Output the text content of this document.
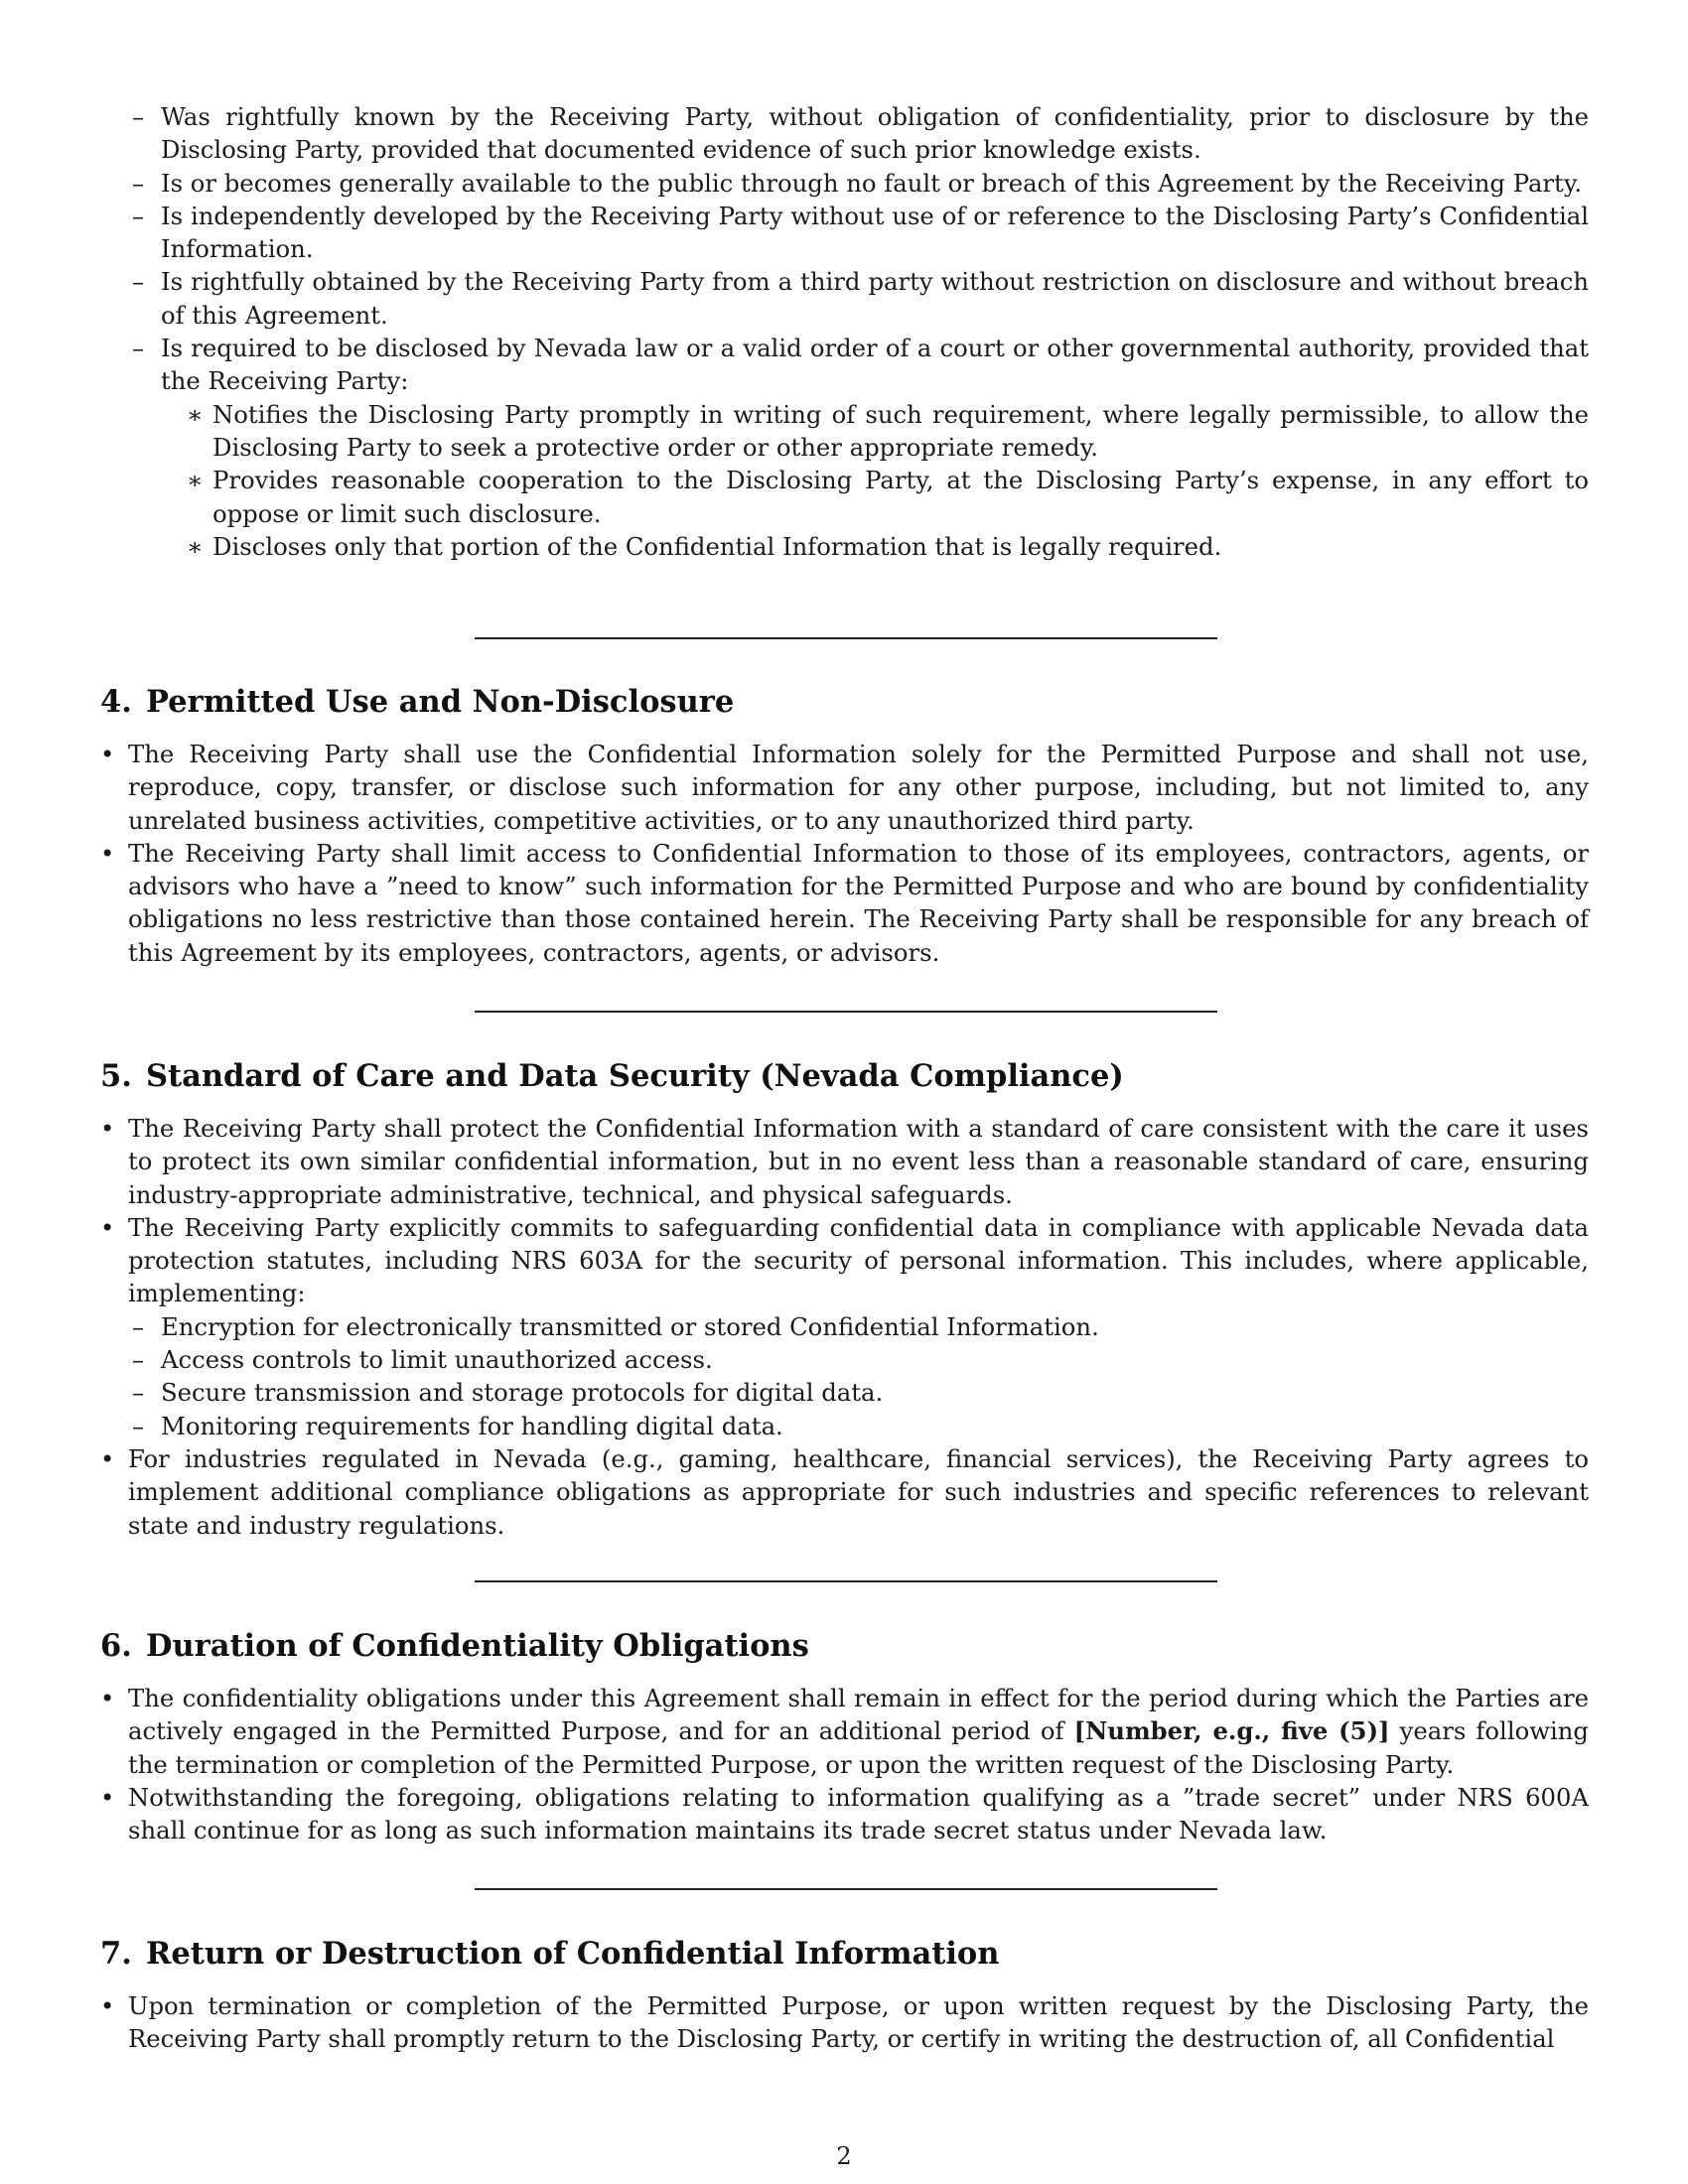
– Was rightfully known by the Receiving Party, without obligation of confidentiality, prior to disclosure by the Disclosing Party, provided that documented evidence of such prior knowledge exists.
– Is or becomes generally available to the public through no fault or breach of this Agreement by the Receiving Party.
– Is independently developed by the Receiving Party without use of or reference to the Disclosing Party’s Confidential Information.
– Is rightfully obtained by the Receiving Party from a third party without restriction on disclosure and without breach of this Agreement.
– Is required to be disclosed by Nevada law or a valid order of a court or other governmental authority, provided that the Receiving Party:
∗ Notifies the Disclosing Party promptly in writing of such requirement, where legally permissible, to allow the Disclosing Party to seek a protective order or other appropriate remedy.
∗ Provides reasonable cooperation to the Disclosing Party, at the Disclosing Party’s expense, in any effort to oppose or limit such disclosure.
∗ Discloses only that portion of the Confidential Information that is legally required.
4. Permitted Use and Non-Disclosure
• The Receiving Party shall use the Confidential Information solely for the Permitted Purpose and shall not use, reproduce, copy, transfer, or disclose such information for any other purpose, including, but not limited to, any unrelated business activities, competitive activities, or to any unauthorized third party.
• The Receiving Party shall limit access to Confidential Information to those of its employees, contractors, agents, or advisors who have a ”need to know” such information for the Permitted Purpose and who are bound by confidentiality obligations no less restrictive than those contained herein. The Receiving Party shall be responsible for any breach of this Agreement by its employees, contractors, agents, or advisors.
5. Standard of Care and Data Security (Nevada Compliance)
• The Receiving Party shall protect the Confidential Information with a standard of care consistent with the care it uses to protect its own similar confidential information, but in no event less than a reasonable standard of care, ensuring industry-appropriate administrative, technical, and physical safeguards.
• The Receiving Party explicitly commits to safeguarding confidential data in compliance with applicable Nevada data protection statutes, including NRS 603A for the security of personal information. This includes, where applicable, implementing:
– Encryption for electronically transmitted or stored Confidential Information.
– Access controls to limit unauthorized access.
– Secure transmission and storage protocols for digital data.
– Monitoring requirements for handling digital data.
• For industries regulated in Nevada (e.g., gaming, healthcare, financial services), the Receiving Party agrees to implement additional compliance obligations as appropriate for such industries and specific references to relevant state and industry regulations.
6. Duration of Confidentiality Obligations
• The confidentiality obligations under this Agreement shall remain in effect for the period during which the Parties are actively engaged in the Permitted Purpose, and for an additional period of [Number, e.g., five (5)] years following the termination or completion of the Permitted Purpose, or upon the written request of the Disclosing Party.
• Notwithstanding the foregoing, obligations relating to information qualifying as a ”trade secret” under NRS 600A shall continue for as long as such information maintains its trade secret status under Nevada law.
7. Return or Destruction of Confidential Information
• Upon termination or completion of the Permitted Purpose, or upon written request by the Disclosing Party, the Receiving Party shall promptly return to the Disclosing Party, or certify in writing the destruction of, all Confidential
2
